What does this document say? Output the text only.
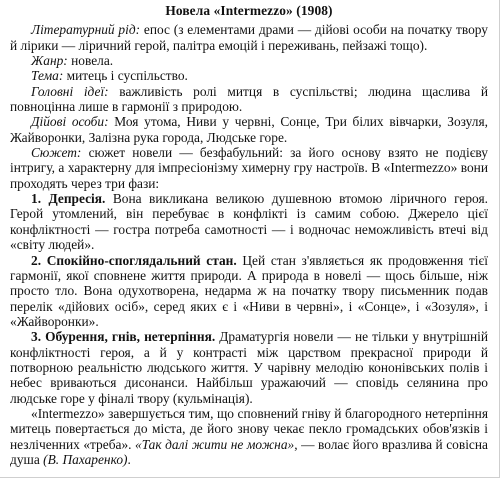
Новела «Intermezzo» (1908)

Літературний рід: епос (з елементами драми — дійові особи на початку твору й лірики — ліричний герой, палітра емоцій і переживань, пейзажі тощо).

Жанр: новела.

Тема: митець і суспільство.

Головні ідеї: важливість ролі митця в суспільстві; людина щаслива й повноцінна лише в гармонії з природою.

Дійові особи: Моя утома, Ниви у червні, Сонце, Три білих вівчарки, Зозуля, Жайворонки, Залізна рука города, Людське горе.

Сюжет: сюжет новели — безфабульний: за його основу взято не подієву інтригу, а характерну для імпресіонізму химерну гру настроїв. В «Intermezzo» вони проходять через три фази:

1. Депресія. Вона викликана великою душевною втомою ліричного героя. Герой утомлений, він перебуває в конфлікті із самим собою. Джерело цієї конфліктності — гостра потреба самотності — і водночас неможливість втечі від «світу людей».

2. Спокійно-споглядальний стан. Цей стан з'являється як продовження тієї гармонії, якої сповнене життя природи. А природа в новелі — щось більше, ніж просто тло. Вона одухотворена, недарма ж на початку твору письменник подав перелік «дійових осіб», серед яких є і «Ниви в червні», і «Сонце», і «Зозуля», і «Жайворонки».

3. Обурення, гнів, нетерпіння. Драматургія новели — не тільки у внутрішній конфліктності героя, а й у контрасті між царством прекрасної природи й потворною реальністю людського життя. У чарівну мелодію кононівських полів і небес вриваються дисонанси. Найбільш уражаючий — сповідь селянина про людське горе у фіналі твору (кульмінація).

«Intermezzo» завершується тим, що сповнений гніву й благородного нетерпіння митець повертається до міста, де його знову чекає пекло громадських обов'язків і незліченних «треба». «Так далі жити не можна», — волає його вразлива й совісна душа (В. Пахаренко).
